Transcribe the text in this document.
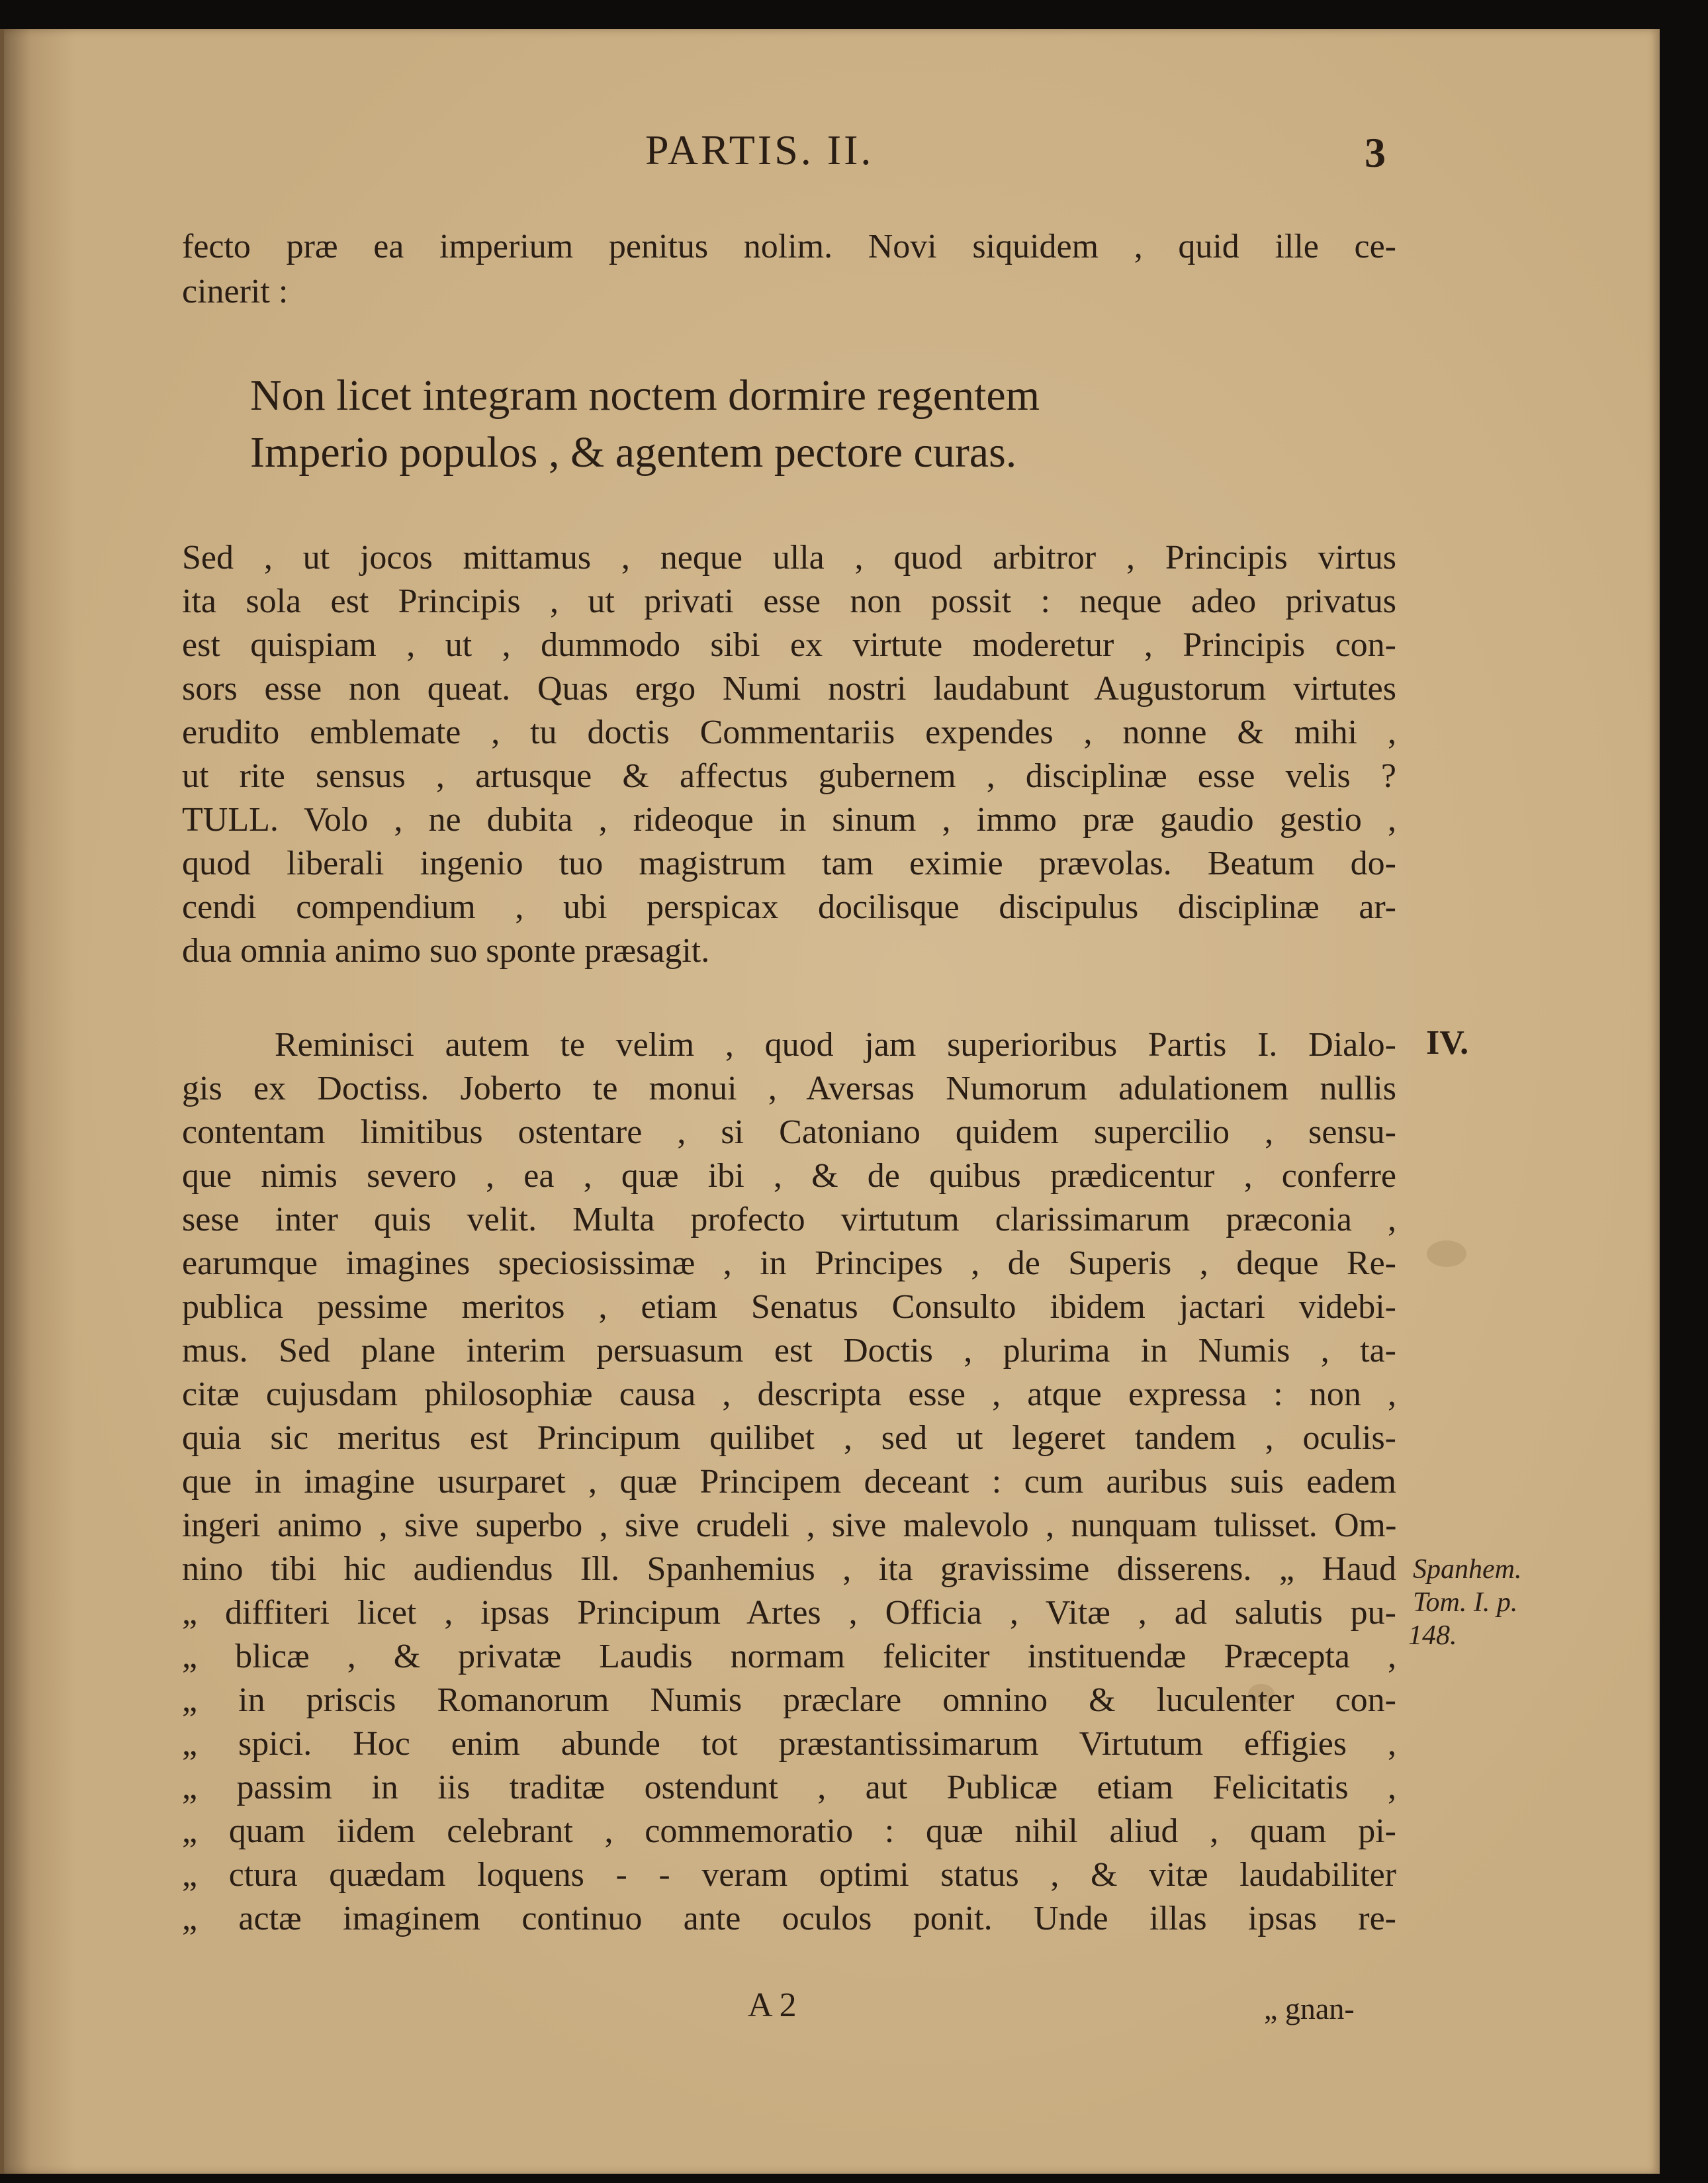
PARTIS. II.	3
fecto præ ea imperium penitus nolim. Novi siquidem , quid ille ce-
cinerit :
Non licet integram noctem dormire regentem
Imperio populos , & agentem pectore curas.
Sed , ut jocos mittamus , neque ulla , quod arbitror , Principis virtus
ita sola est Principis , ut privati esse non possit : neque adeo privatus
est quispiam , ut , dummodo sibi ex virtute moderetur , Principis con-
sors esse non queat. Quas ergo Numi nostri laudabunt Augustorum virtutes
erudito emblemate , tu doctis Commentariis expendes , nonne & mihi ,
ut rite sensus , artusque & affectus gubernem , disciplinæ esse velis ?
TULL. Volo , ne dubita , rideoque in sinum , immo præ gaudio gestio ,
quod liberali ingenio tuo magistrum tam eximie prævolas. Beatum do-
cendi compendium , ubi perspicax docilisque discipulus disciplinæ ar-
dua omnia animo suo sponte præsagit.
Reminisci autem te velim , quod jam superioribus Partis I. Dialo-
gis ex Doctiss. Joberto te monui , Aversas Numorum adulationem nullis
contentam limitibus ostentare , si Catoniano quidem supercilio , sensu-
que nimis severo , ea , quæ ibi , & de quibus prædicentur , conferre
sese inter quis velit. Multa profecto virtutum clarissimarum præconia ,
earumque imagines speciosissimæ , in Principes , de Superis , deque Re-
publica pessime meritos , etiam Senatus Consulto ibidem jactari videbi-
mus. Sed plane interim persuasum est Doctis , plurima in Numis , ta-
citæ cujusdam philosophiæ causa , descripta esse , atque expressa : non ,
quia sic meritus est Principum quilibet , sed ut legeret tandem , oculis-
que in imagine usurparet , quæ Principem deceant : cum auribus suis eadem
ingeri animo , sive superbo , sive crudeli , sive malevolo , nunquam tulisset. Om-
nino tibi hic audiendus Ill. Spanhemius , ita gravissime disserens. „ Haud
„ diffiteri licet , ipsas Principum Artes , Officia , Vitæ , ad salutis pu-
„ blicæ , & privatæ Laudis normam feliciter instituendæ Præcepta ,
„ in priscis Romanorum Numis præclare omnino & luculenter con-
„ spici. Hoc enim abunde tot præstantissimarum Virtutum effigies ,
„ passim in iis traditæ ostendunt , aut Publicæ etiam Felicitatis ,
„ quam iidem celebrant , commemoratio : quæ nihil aliud , quam pi-
„ ctura quædam loquens - - veram optimi status , & vitæ laudabiliter
„ actæ imaginem continuo ante oculos ponit. Unde illas ipsas re-
IV.
Spanhem.
Tom. I. p.
148.
A 2	„ gnan-
